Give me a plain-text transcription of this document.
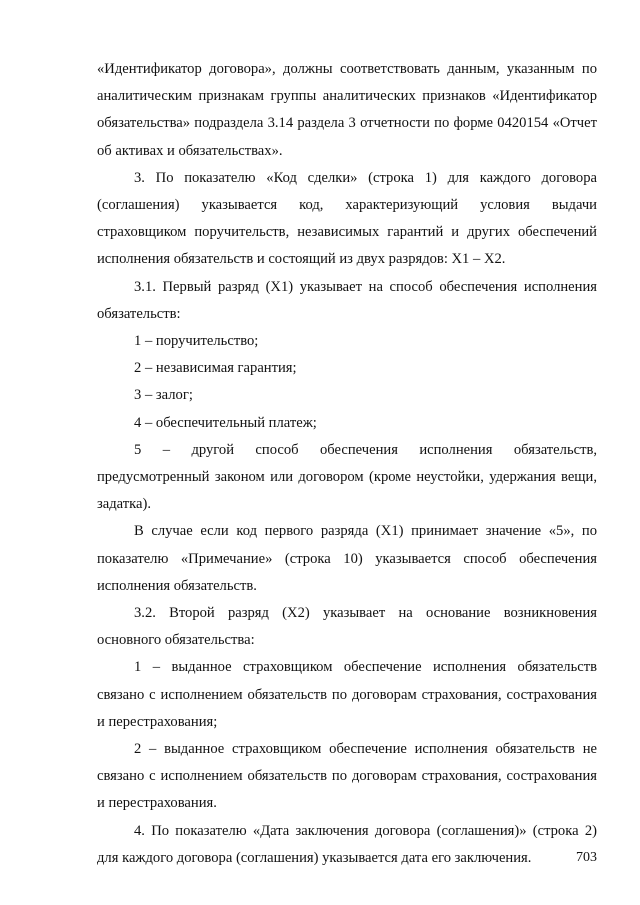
«Идентификатор договора», должны соответствовать данным, указанным по аналитическим признакам группы аналитических признаков «Идентификатор обязательства» подраздела 3.14 раздела 3 отчетности по форме 0420154 «Отчет об активах и обязательствах».

3. По показателю «Код сделки» (строка 1) для каждого договора (соглашения) указывается код, характеризующий условия выдачи страховщиком поручительств, независимых гарантий и других обеспечений исполнения обязательств и состоящий из двух разрядов: X1 – X2.

3.1. Первый разряд (X1) указывает на способ обеспечения исполнения обязательств:

1 – поручительство;

2 – независимая гарантия;

3 – залог;

4 – обеспечительный платеж;

5 – другой способ обеспечения исполнения обязательств, предусмотренный законом или договором (кроме неустойки, удержания вещи, задатка).

В случае если код первого разряда (X1) принимает значение «5», по показателю «Примечание» (строка 10) указывается способ обеспечения исполнения обязательств.

3.2. Второй разряд (X2) указывает на основание возникновения основного обязательства:

1 – выданное страховщиком обеспечение исполнения обязательств связано с исполнением обязательств по договорам страхования, сострахования и перестрахования;

2 – выданное страховщиком обеспечение исполнения обязательств не связано с исполнением обязательств по договорам страхования, сострахования и перестрахования.

4. По показателю «Дата заключения договора (соглашения)» (строка 2) для каждого договора (соглашения) указывается дата его заключения.	703
